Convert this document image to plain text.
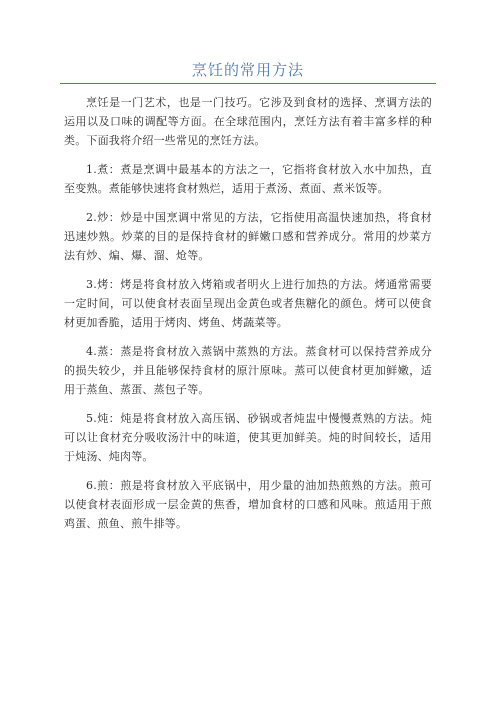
烹饪的常用方法

烹饪是一门艺术，也是一门技巧。它涉及到食材的选择、烹调方法的运用以及口味的调配等方面。在全球范围内，烹饪方法有着丰富多样的种类。下面我将介绍一些常见的烹饪方法。

1.煮：煮是烹调中最基本的方法之一，它指将食材放入水中加热，直至变熟。煮能够快速将食材熟烂，适用于煮汤、煮面、煮米饭等。

2.炒：炒是中国烹调中常见的方法，它指使用高温快速加热，将食材迅速炒熟。炒菜的目的是保持食材的鲜嫩口感和营养成分。常用的炒菜方法有炒、煸、爆、溜、炝等。

3.烤：烤是将食材放入烤箱或者明火上进行加热的方法。烤通常需要一定时间，可以使食材表面呈现出金黄色或者焦糖化的颜色。烤可以使食材更加香脆，适用于烤肉、烤鱼、烤蔬菜等。

4.蒸：蒸是将食材放入蒸锅中蒸熟的方法。蒸食材可以保持营养成分的损失较少，并且能够保持食材的原汁原味。蒸可以使食材更加鲜嫩，适用于蒸鱼、蒸蛋、蒸包子等。

5.炖：炖是将食材放入高压锅、砂锅或者炖盅中慢慢煮熟的方法。炖可以让食材充分吸收汤汁中的味道，使其更加鲜美。炖的时间较长，适用于炖汤、炖肉等。

6.煎：煎是将食材放入平底锅中，用少量的油加热煎熟的方法。煎可以使食材表面形成一层金黄的焦香，增加食材的口感和风味。煎适用于煎鸡蛋、煎鱼、煎牛排等。
